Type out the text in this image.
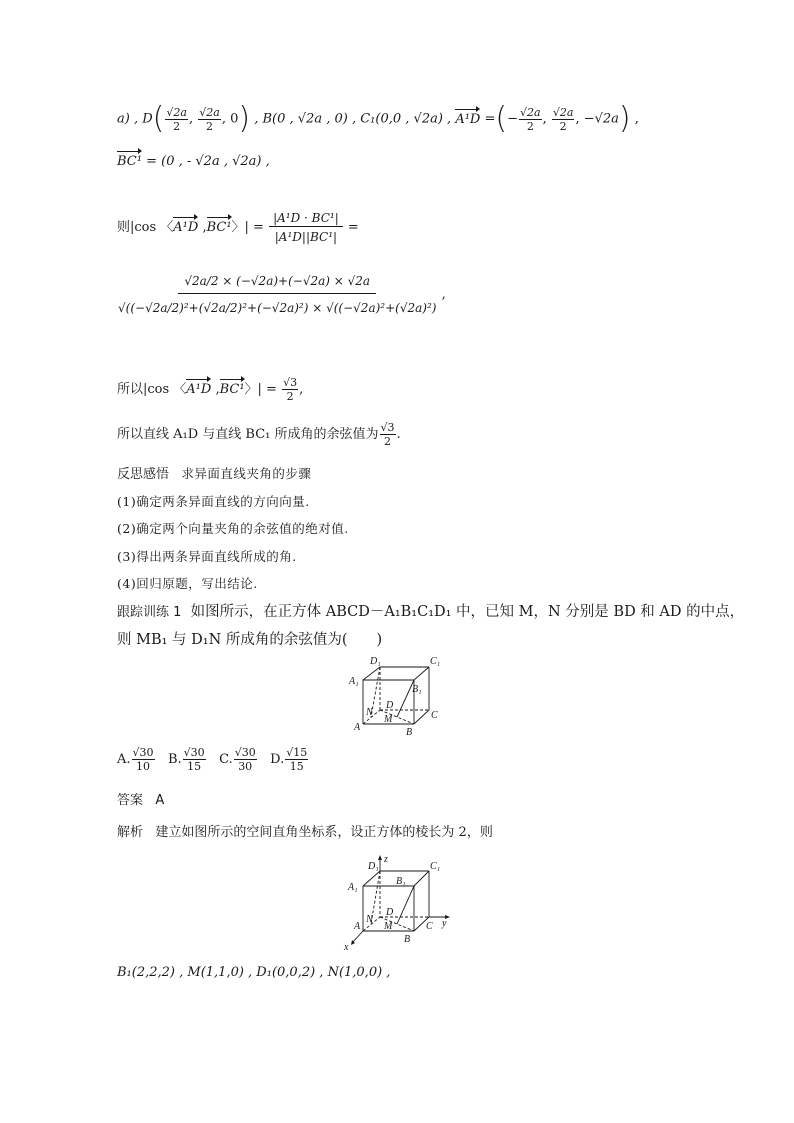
a) , $D( \frac{√2a}{2}$ , $\frac{√2a}{2}$ , 0) , B(0 , √2a , 0) , C₁(0,0 , √2a) , A¹D =(− $\frac{√2a}{2}$ , $\frac{√2a}{2}$ , −√2a) ,
BC¹ = (0 , - √2a , √2a) ,
则|cos 〈A¹D ,BC¹〉| = $\frac{\text{|A¹D · BC¹|}}{\text{|A¹D||BC¹|}}$ =
$\frac{√2a/2 \times (-√2a)+(-√2a) \times √2a}{\text{√((−√2a/2)²+(√2a/2)²+(−√2a)²) × √((−√2a)²+(√2a)²)}}$ ,
所以|cos 〈A¹D ,BC¹〉| = $\frac{√3}{2}$ ,
所以直线 A₁D 与直线 BC₁ 所成角的余弦值为 $\frac{√3}{2}$ .
反思感悟 求异面直线夹角的步骤
(1)确定两条异面直线的方向向量.
(2)确定两个向量夹角的余弦值的绝对值.
(3)得出两条异面直线所成的角.
(4)回归原题，写出结论.
跟踪训练 1 如图所示，在正方体 ABCD－A₁B₁C₁D₁ 中，已知 M，N 分别是 BD 和 AD 的中点，
则 MB₁ 与 D₁N 所成角的余弦值为(　　)
D₁	C₁
A₁
B₁
N
D
C
M
A	B
A. $\frac{√30}{10} B$. $\frac{√30}{15} C$. $\frac{√30}{30} D$. $\frac{√15}{15}$
答案 A
解析 建立如图所示的空间直角坐标系，设正方体的棱长为 2，则
z
D₁	C₁
A₁
B₁
N
D
C
M
A
B
x
y
B₁(2,2,2) , M(1,1,0) , D₁(0,0,2) , N(1,0,0) ,
